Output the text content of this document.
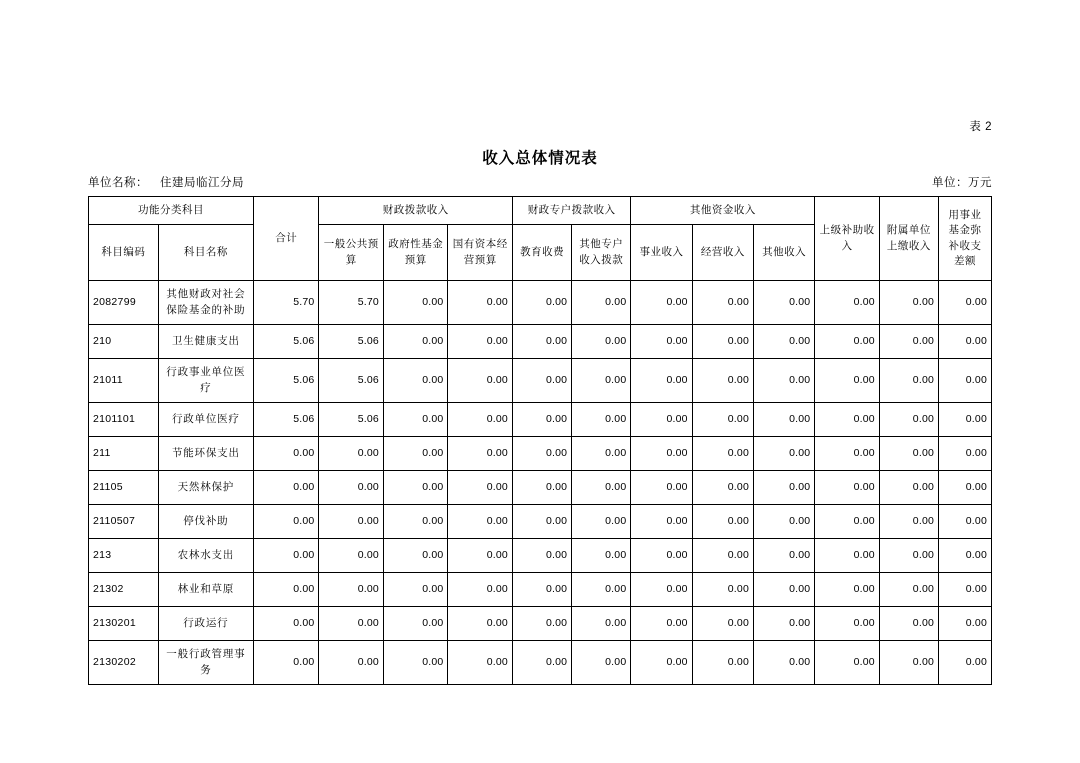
表 2
收入总体情况表
单位名称： 住建局临江分局	单位：万元
功能分类科目		合计	财政拨款收入			财政专户拨款收入		其他资金收入			上级补助收入	附属单位上缴收入	用事业基金弥补收支差额
科目编码	科目名称		一般公共预算	政府性基金预算	国有资本经营预算	教育收费	其他专户收入拨款	事业收入	经营收入	其他收入			
2082799	其他财政对社会保险基金的补助	5.70	5.70	0.00	0.00	0.00	0.00	0.00	0.00	0.00	0.00	0.00	0.00
210	卫生健康支出	5.06	5.06	0.00	0.00	0.00	0.00	0.00	0.00	0.00	0.00	0.00	0.00
21011	行政事业单位医疗	5.06	5.06	0.00	0.00	0.00	0.00	0.00	0.00	0.00	0.00	0.00	0.00
2101101	行政单位医疗	5.06	5.06	0.00	0.00	0.00	0.00	0.00	0.00	0.00	0.00	0.00	0.00
211	节能环保支出	0.00	0.00	0.00	0.00	0.00	0.00	0.00	0.00	0.00	0.00	0.00	0.00
21105	天然林保护	0.00	0.00	0.00	0.00	0.00	0.00	0.00	0.00	0.00	0.00	0.00	0.00
2110507	停伐补助	0.00	0.00	0.00	0.00	0.00	0.00	0.00	0.00	0.00	0.00	0.00	0.00
213	农林水支出	0.00	0.00	0.00	0.00	0.00	0.00	0.00	0.00	0.00	0.00	0.00	0.00
21302	林业和草原	0.00	0.00	0.00	0.00	0.00	0.00	0.00	0.00	0.00	0.00	0.00	0.00
2130201	行政运行	0.00	0.00	0.00	0.00	0.00	0.00	0.00	0.00	0.00	0.00	0.00	0.00
2130202	一般行政管理事务	0.00	0.00	0.00	0.00	0.00	0.00	0.00	0.00	0.00	0.00	0.00	0.00
